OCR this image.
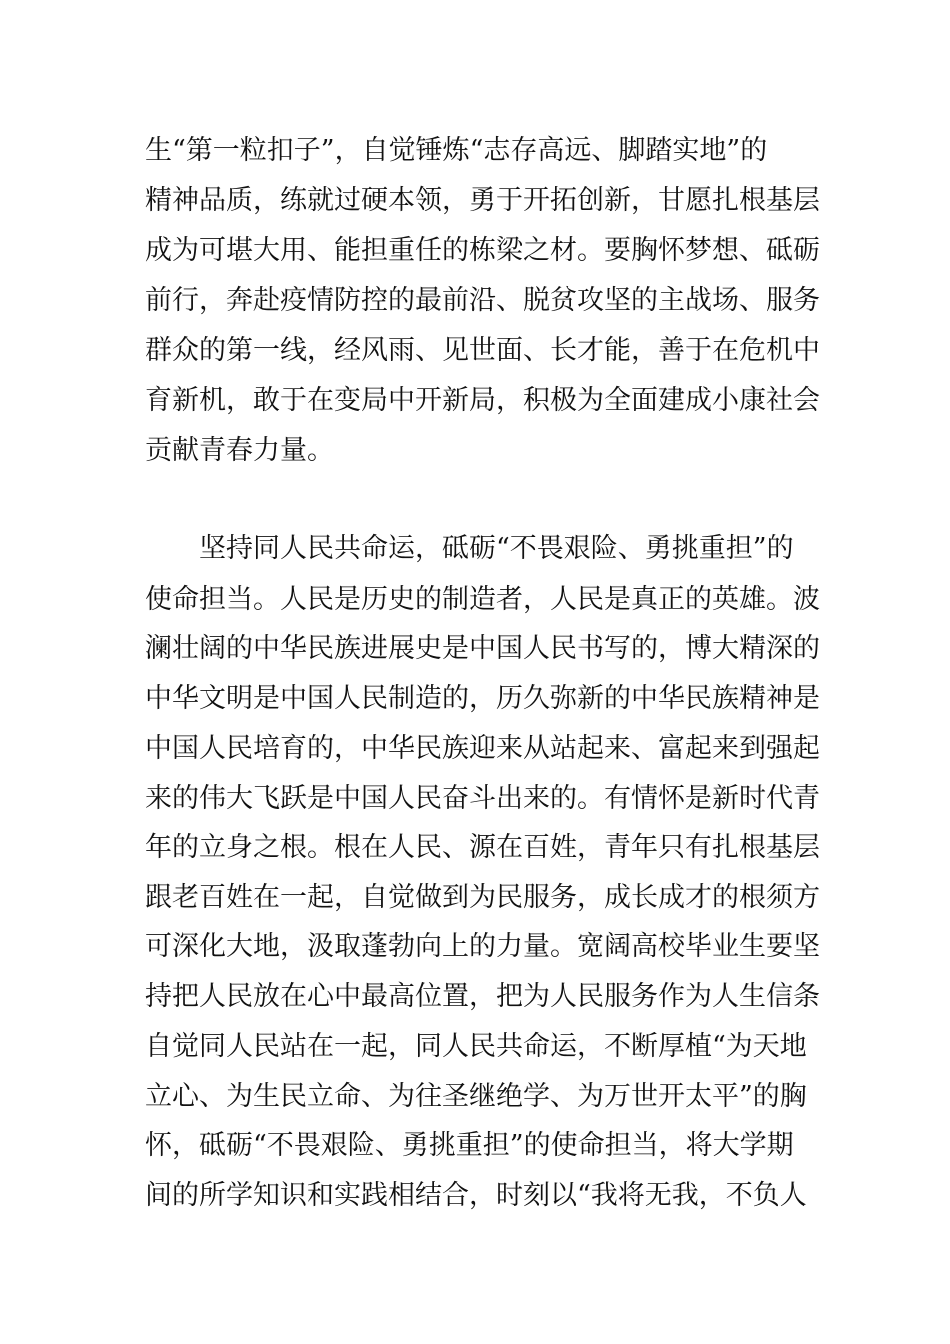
生“第一粒扣子”，自觉锤炼“志存高远、脚踏实地”的
精神品质，练就过硬本领，勇于开拓创新，甘愿扎根基层
成为可堪大用、能担重任的栋梁之材。要胸怀梦想、砥砺
前行，奔赴疫情防控的最前沿、脱贫攻坚的主战场、服务
群众的第一线，经风雨、见世面、长才能，善于在危机中
育新机，敢于在变局中开新局，积极为全面建成小康社会
贡献青春力量。
坚持同人民共命运，砥砺“不畏艰险、勇挑重担”的
使命担当。人民是历史的制造者，人民是真正的英雄。波
澜壮阔的中华民族进展史是中国人民书写的，博大精深的
中华文明是中国人民制造的，历久弥新的中华民族精神是
中国人民培育的，中华民族迎来从站起来、富起来到强起
来的伟大飞跃是中国人民奋斗出来的。有情怀是新时代青
年的立身之根。根在人民、源在百姓，青年只有扎根基层
跟老百姓在一起，自觉做到为民服务，成长成才的根须方
可深化大地，汲取蓬勃向上的力量。宽阔高校毕业生要坚
持把人民放在心中最高位置，把为人民服务作为人生信条
自觉同人民站在一起，同人民共命运，不断厚植“为天地
立心、为生民立命、为往圣继绝学、为万世开太平”的胸
怀，砥砺“不畏艰险、勇挑重担”的使命担当，将大学期
间的所学知识和实践相结合，时刻以“我将无我，不负人
